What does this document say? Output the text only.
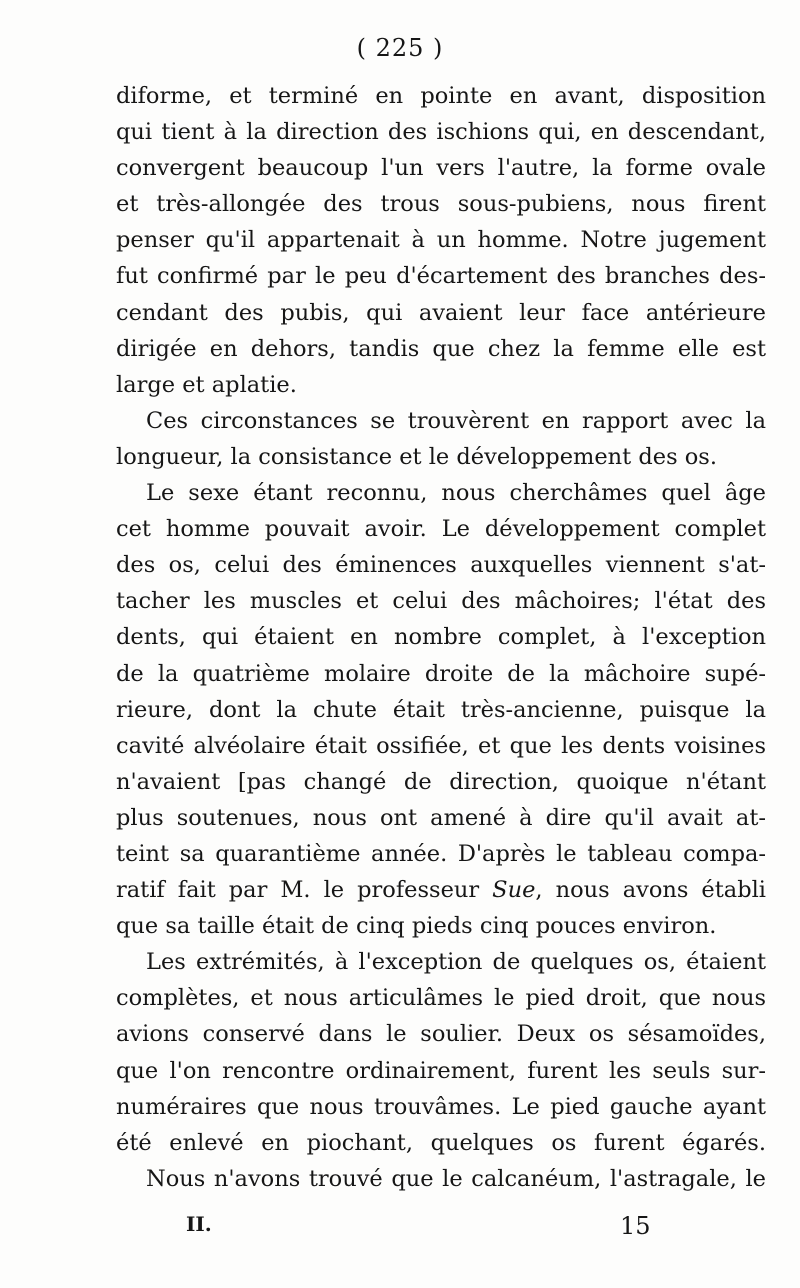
( 225 )
diforme, et terminé en pointe en avant, disposition
qui tient à la direction des ischions qui, en descendant,
convergent beaucoup l'un vers l'autre, la forme ovale
et très-allongée des trous sous-pubiens, nous firent
penser qu'il appartenait à un homme. Notre jugement
fut confirmé par le peu d'écartement des branches des-
cendant des pubis, qui avaient leur face antérieure
dirigée en dehors, tandis que chez la femme elle est
large et aplatie.
Ces circonstances se trouvèrent en rapport avec la
longueur, la consistance et le développement des os.
Le sexe étant reconnu, nous cherchâmes quel âge
cet homme pouvait avoir. Le développement complet
des os, celui des éminences auxquelles viennent s'at-
tacher les muscles et celui des mâchoires; l'état des
dents, qui étaient en nombre complet, à l'exception
de la quatrième molaire droite de la mâchoire supé-
rieure, dont la chute était très-ancienne, puisque la
cavité alvéolaire était ossifiée, et que les dents voisines
n'avaient [pas changé de direction, quoique n'étant
plus soutenues, nous ont amené à dire qu'il avait at-
teint sa quarantième année. D'après le tableau compa-
ratif fait par M. le professeur Sue, nous avons établi
que sa taille était de cinq pieds cinq pouces environ.
Les extrémités, à l'exception de quelques os, étaient
complètes, et nous articulâmes le pied droit, que nous
avions conservé dans le soulier. Deux os sésamoïdes,
que l'on rencontre ordinairement, furent les seuls sur-
numéraires que nous trouvâmes. Le pied gauche ayant
été enlevé en piochant, quelques os furent égarés.
Nous n'avons trouvé que le calcanéum, l'astragale, le
II.	15
